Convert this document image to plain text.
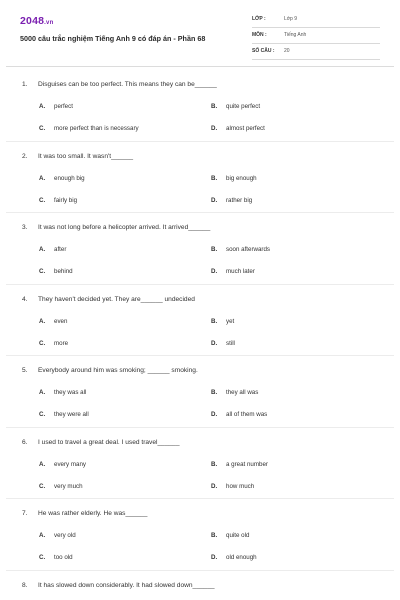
2048.vn
5000 câu trắc nghiệm Tiếng Anh 9 có đáp án - Phần 68
LỚP :	Lớp 9
MÔN :	Tiếng Anh
SỐ CÂU : 20
1. Disguises can be too perfect. This means they can be______
A. perfect	B. quite perfect
C. more perfect than is necessary	D. almost perfect
2. It was too small. It wasn't______
A. enough big	B. big enough
C. fairly big	D. rather big
3. It was not long before a helicopter arrived. It arrived______
A. after	B. soon afterwards
C. behind	D. much later
4. They haven't decided yet. They are______ undecided
A. even	B. yet
C. more	D. still
5. Everybody around him was smoking; ______ smoking.
A. they was all	B. they all was
C. they were all	D. all of them was
6. I used to travel a great deal. I used travel______
A. every many	B. a great number
C. very much	D. how much
7. He was rather elderly. He was______
A. very old	B. quite old
C. too old	D. old enough
8. It has slowed down considerably. It had slowed down______
